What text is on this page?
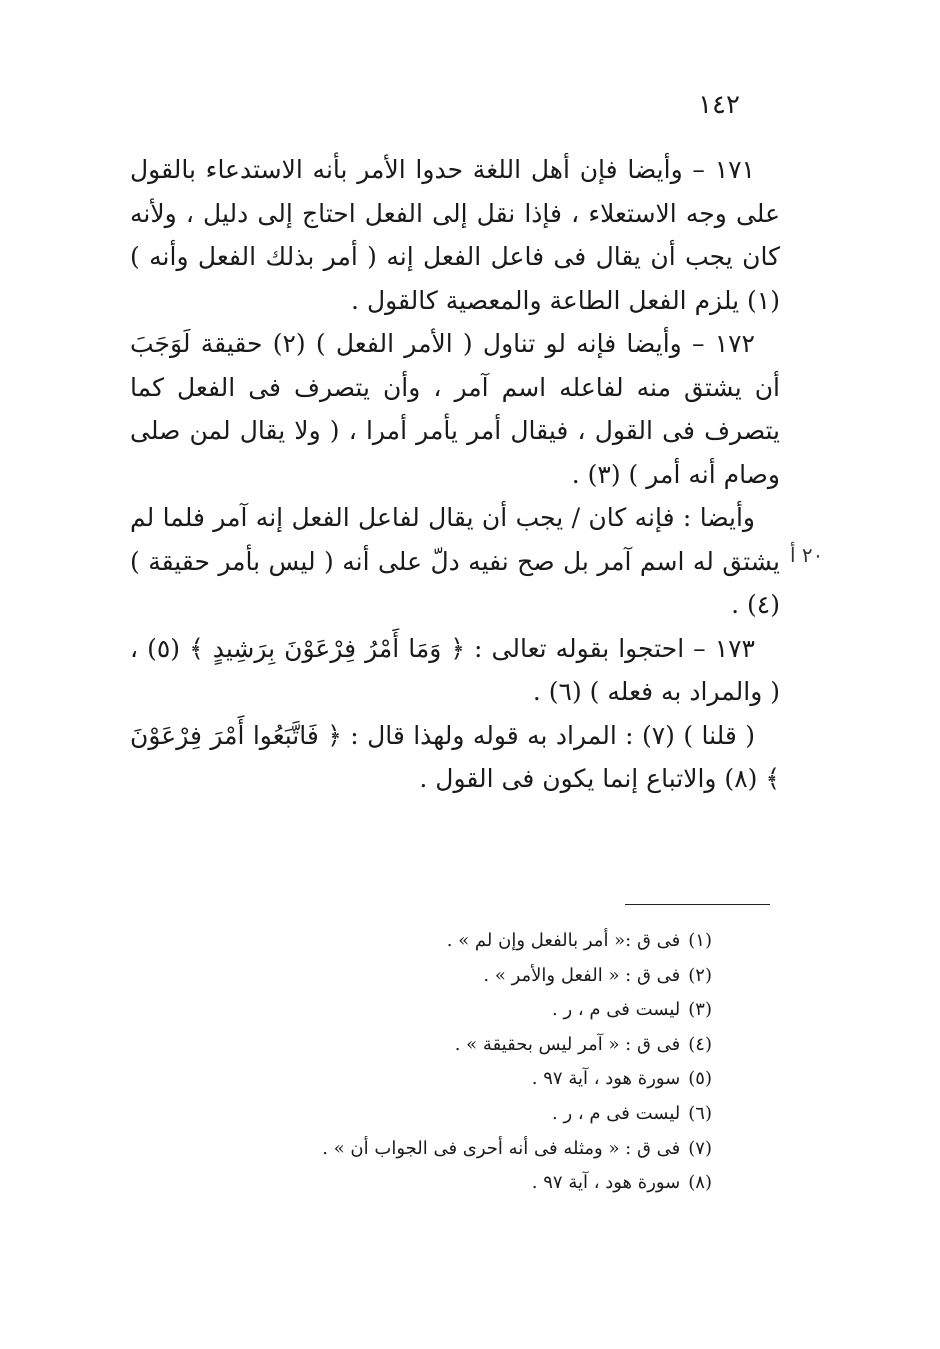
١٤٢

١٧١ – وأيضا فإن أهل اللغة حدوا الأمر بأنه الاستدعاء بالقول على وجه الاستعلاء ، فإذا نقل إلى الفعل احتاج إلى دليل ، ولأنه كان يجب أن يقال فى فاعل الفعل إنه ( أمر بذلك الفعل وأنه ) (١) يلزم الفعل الطاعة والمعصية كالقول .

١٧٢ – وأيضا فإنه لو تناول ( الأمر الفعل ) (٢) حقيقة لَوَجَبَ أن يشتق منه لفاعله اسم آمر ، وأن يتصرف فى الفعل كما يتصرف فى القول ، فيقال أمر يأمر أمرا ، ( ولا يقال لمن صلى وصام أنه أمر ) (٣) .

وأيضا : فإنه كان / يجب أن يقال لفاعل الفعل إنه آمر فلما لم يشتق له اسم آمر بل صح نفيه دلّ على أنه ( ليس بأمر حقيقة ) (٤) .

١٧٣ – احتجوا بقوله تعالى : ﴿ وَمَا أَمْرُ فِرْعَوْنَ بِرَشِيدٍ ﴾ (٥) ، ( والمراد به فعله ) (٦) .

( قلنا ) (٧) : المراد به قوله ولهذا قال : ﴿ فَاتَّبَعُوا أَمْرَ فِرْعَوْنَ ﴾ (٨) والاتباع إنما يكون فى القول .

٢٠ أ
(١)
فى ق :« أمر بالفعل وإن لم » .
(٢)
فى ق : « الفعل والأمر » .
(٣)
ليست فى م ، ر .
(٤)
فى ق : « آمر ليس بحقيقة » .
(٥)
سورة هود ، آية ٩٧ .
(٦)
ليست فى م ، ر .
(٧)
فى ق : « ومثله فى أنه أحرى فى الجواب أن » .
(٨)
سورة هود ، آية ٩٧ .
